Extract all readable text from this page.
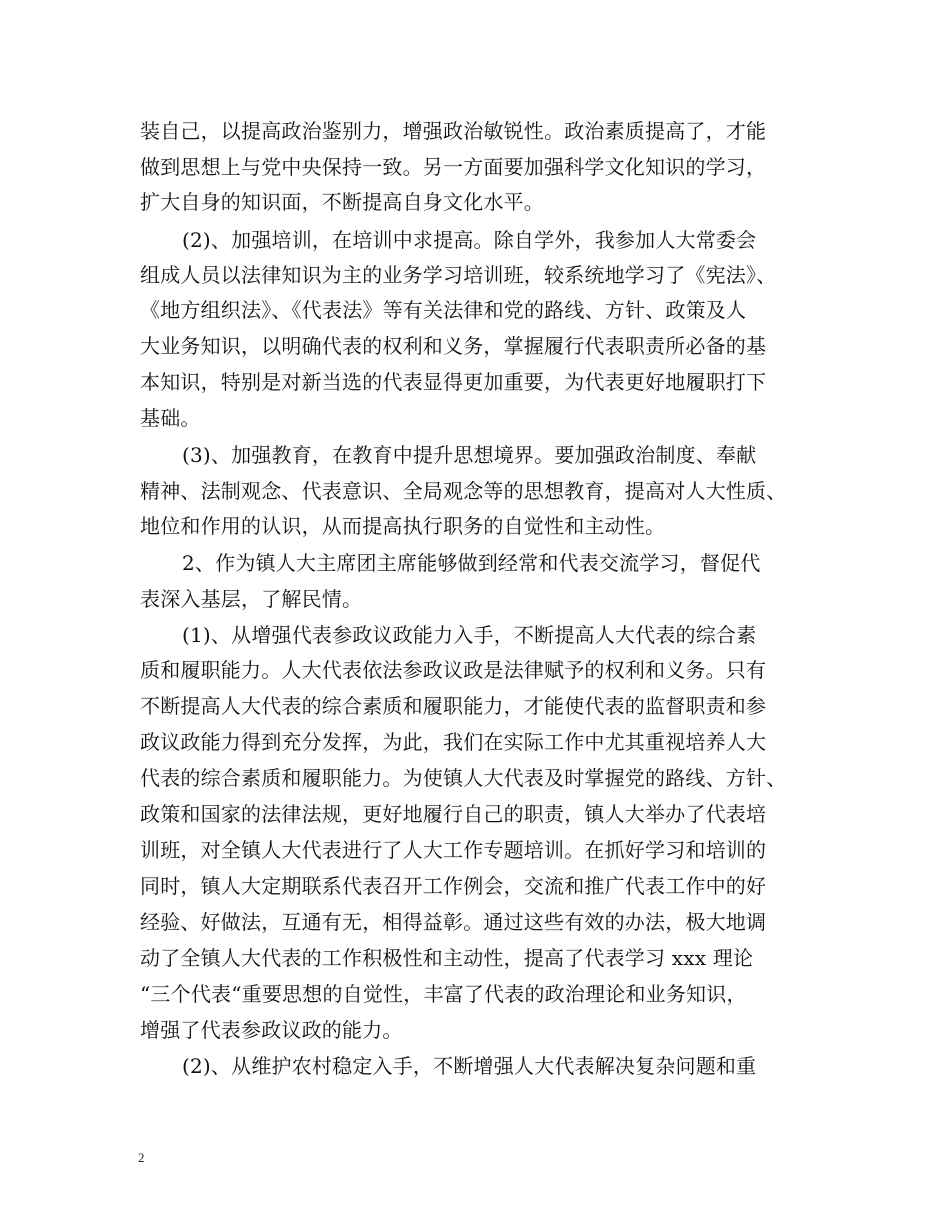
装自己，以提高政治鉴别力，增强政治敏锐性。政治素质提高了，才能
做到思想上与党中央保持一致。另一方面要加强科学文化知识的学习，
扩大自身的知识面，不断提高自身文化水平。
(2)、加强培训，在培训中求提高。除自学外，我参加人大常委会
组成人员以法律知识为主的业务学习培训班，较系统地学习了《宪法》、
《地方组织法》、《代表法》等有关法律和党的路线、方针、政策及人
大业务知识，以明确代表的权利和义务，掌握履行代表职责所必备的基
本知识，特别是对新当选的代表显得更加重要，为代表更好地履职打下
基础。
(3)、加强教育，在教育中提升思想境界。要加强政治制度、奉献
精神、法制观念、代表意识、全局观念等的思想教育，提高对人大性质、
地位和作用的认识，从而提高执行职务的自觉性和主动性。
2、作为镇人大主席团主席能够做到经常和代表交流学习，督促代
表深入基层，了解民情。
(1)、从增强代表参政议政能力入手，不断提高人大代表的综合素
质和履职能力。人大代表依法参政议政是法律赋予的权利和义务。只有
不断提高人大代表的综合素质和履职能力，才能使代表的监督职责和参
政议政能力得到充分发挥，为此，我们在实际工作中尤其重视培养人大
代表的综合素质和履职能力。为使镇人大代表及时掌握党的路线、方针、
政策和国家的法律法规，更好地履行自己的职责，镇人大举办了代表培
训班，对全镇人大代表进行了人大工作专题培训。在抓好学习和培训的
同时，镇人大定期联系代表召开工作例会，交流和推广代表工作中的好
经验、好做法，互通有无，相得益彰。通过这些有效的办法，极大地调
动了全镇人大代表的工作积极性和主动性，提高了代表学习 xxx 理论
“三个代表“重要思想的自觉性，丰富了代表的政治理论和业务知识，
增强了代表参政议政的能力。
(2)、从维护农村稳定入手，不断增强人大代表解决复杂问题和重
2
